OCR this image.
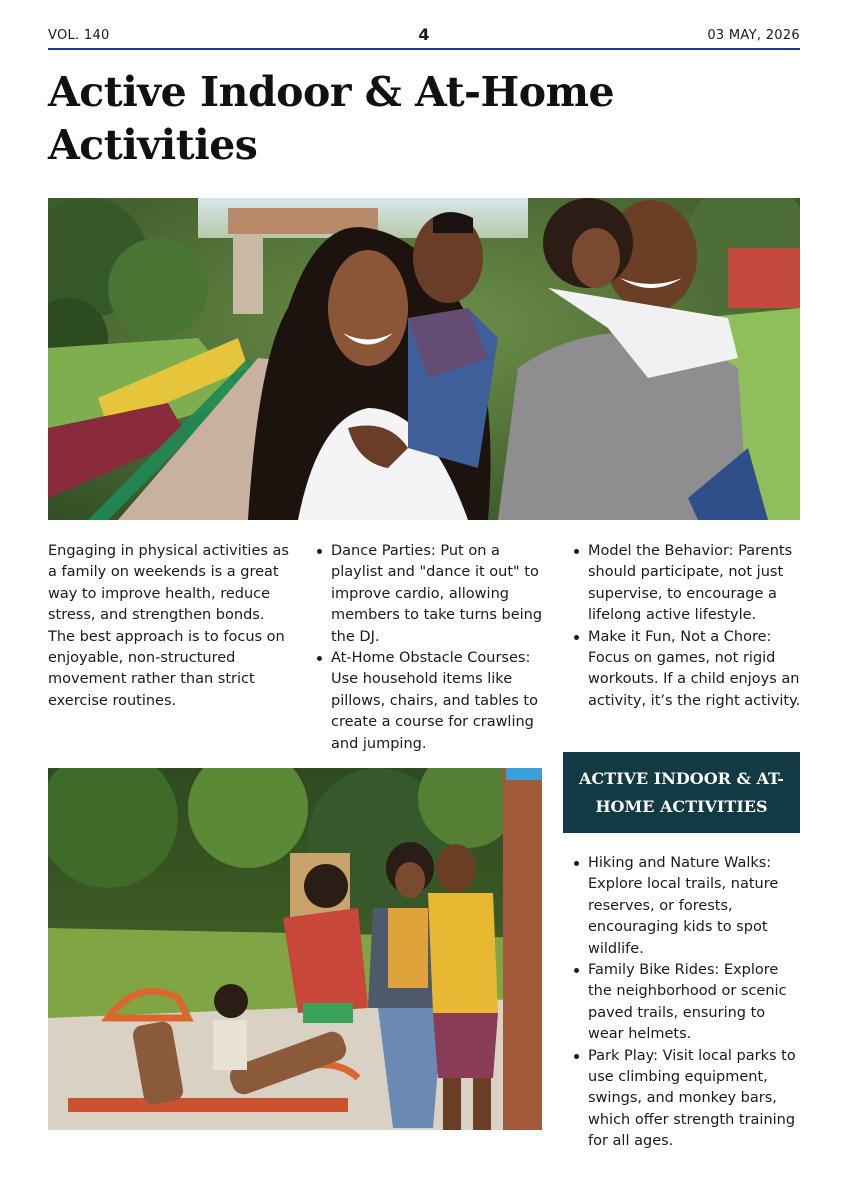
VOL. 140	4	03 MAY, 2026
Active Indoor & At-Home Activities
Engaging in physical activities as a family on weekends is a great way to improve health, reduce stress, and strengthen bonds. The best approach is to focus on enjoyable, non-structured movement rather than strict exercise routines.
Dance Parties: Put on a playlist and "dance it out" to improve cardio, allowing members to take turns being the DJ.
At-Home Obstacle Courses: Use household items like pillows, chairs, and tables to create a course for crawling and jumping.
Model the Behavior: Parents should participate, not just supervise, to encourage a lifelong active lifestyle.
Make it Fun, Not a Chore: Focus on games, not rigid workouts. If a child enjoys an activity, it’s the right activity.
ACTIVE INDOOR & AT-HOME ACTIVITIES
Hiking and Nature Walks: Explore local trails, nature reserves, or forests, encouraging kids to spot wildlife.
Family Bike Rides: Explore the neighborhood or scenic paved trails, ensuring to wear helmets.
Park Play: Visit local parks to use climbing equipment, swings, and monkey bars, which offer strength training for all ages.
